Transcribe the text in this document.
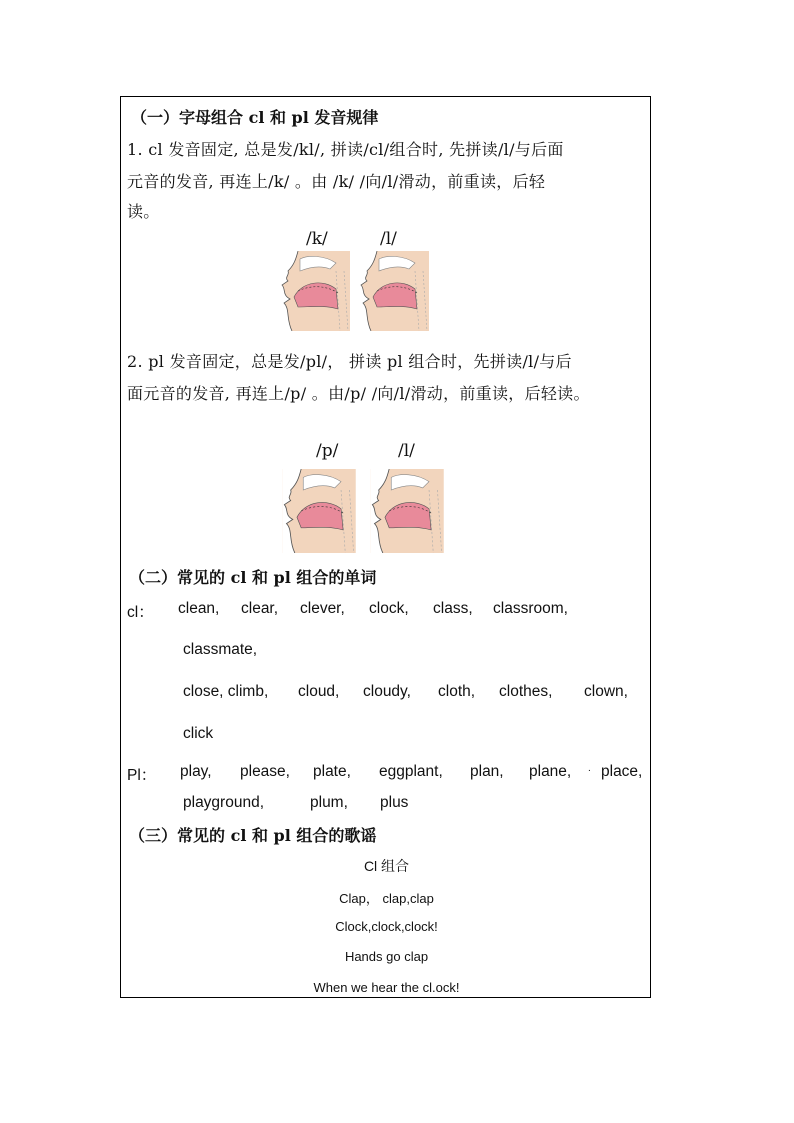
（一）字母组合 cl 和 pl 发音规律
1. cl 发音固定, 总是发/kl/, 拼读/cl/组合时, 先拼读/l/与后面
元音的发音, 再连上/k/ 。由 /k/ /向/l/滑动，前重读，后轻
读。
/k/	/l/
2. pl 发音固定，总是发/pl/， 拼读 pl 组合时，先拼读/l/与后
面元音的发音, 再连上/p/ 。由/p/ /向/l/滑动，前重读，后轻读。
/p/	/l/
（二）常见的 cl 和 pl 组合的单词
cl： clean, clear, clever, clock, class, classroom,
classmate,
close, climb, cloud, cloudy, cloth, clothes, clown,
click
Pl： play, please, plate, eggplant, plan, plane, . place,
playground,	plum, plus
（三）常见的 cl 和 pl 组合的歌谣
Cl 组合
Clap， clap,clap
Clock,clock,clock!
Hands go clap
When we hear the cl.ock!
